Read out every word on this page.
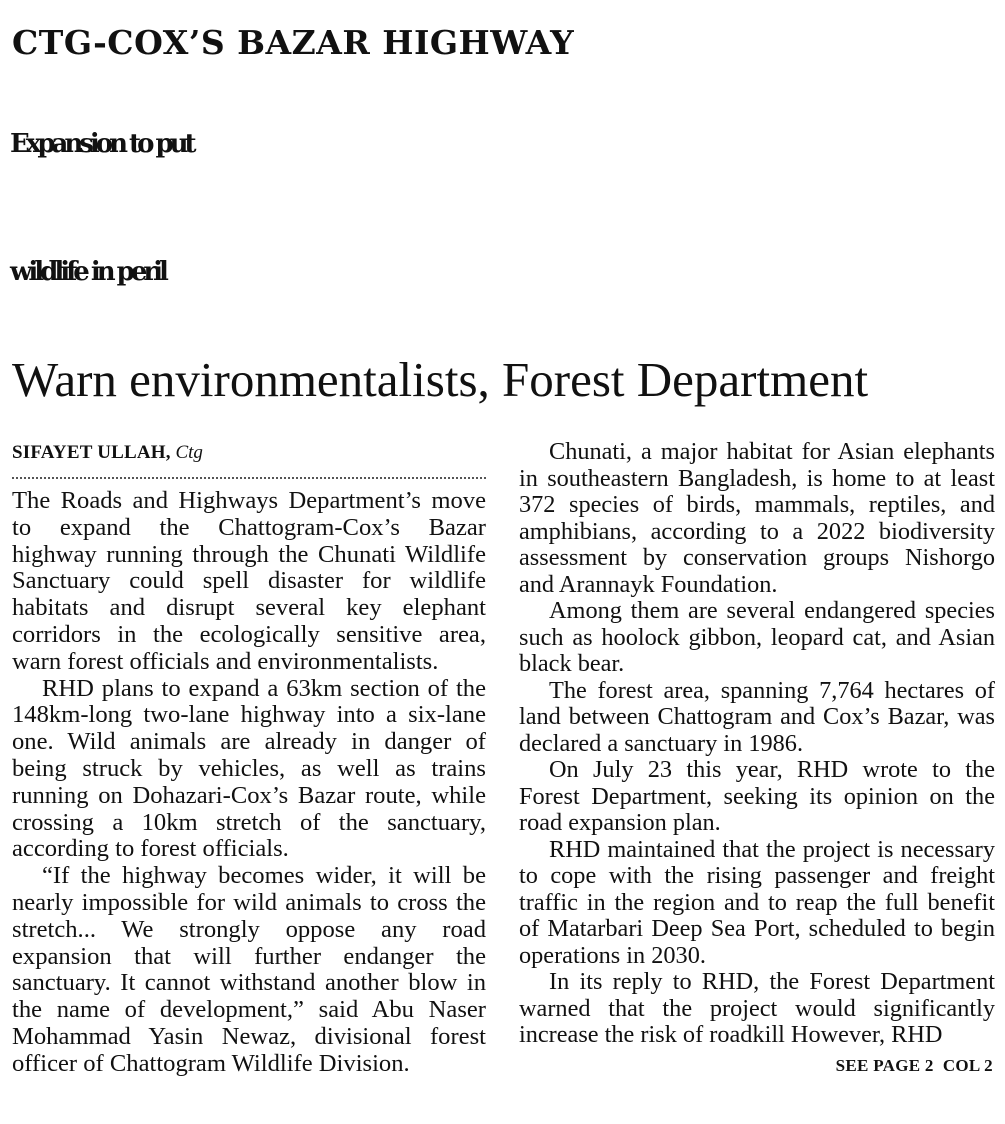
CTG-COX’S BAZAR HIGHWAY
Expansion to put
wildlife in peril
Warn environmentalists, Forest Department
SIFAYET ULLAH, Ctg

The Roads and Highways Department’s move to expand the Chattogram-Cox’s Bazar highway running through the Chunati Wildlife Sanctuary could spell disaster for wildlife habitats and disrupt several key elephant corridors in the ecologically sensitive area, warn forest officials and environmentalists.

RHD plans to expand a 63km section of the 148km-long two-lane highway into a six-lane one. Wild animals are already in danger of being struck by vehicles, as well as trains running on Dohazari-Cox’s Bazar route, while crossing a 10km stretch of the sanctuary, according to forest officials.

“If the highway becomes wider, it will be nearly impossible for wild animals to cross the stretch... We strongly oppose any road expansion that will further endanger the sanctuary. It cannot withstand another blow in the name of development,” said Abu Naser Mohammad Yasin Newaz, divisional forest officer of Chattogram Wildlife Division.

Chunati, a major habitat for Asian elephants in southeastern Bangladesh, is home to at least 372 species of birds, mammals, reptiles, and amphibians, according to a 2022 biodiversity assessment by conservation groups Nishorgo and Arannayk Foundation.

Among them are several endangered species such as hoolock gibbon, leopard cat, and Asian black bear.

The forest area, spanning 7,764 hectares of land between Chattogram and Cox’s Bazar, was declared a sanctuary in 1986.

On July 23 this year, RHD wrote to the Forest Department, seeking its opinion on the road expansion plan.

RHD maintained that the project is necessary to cope with the rising passenger and freight traffic in the region and to reap the full benefit of Matarbari Deep Sea Port, scheduled to begin operations in 2030.

In its reply to RHD, the Forest Department warned that the project would significantly increase the risk of roadkill However, RHD

SEE PAGE 2  COL 2
